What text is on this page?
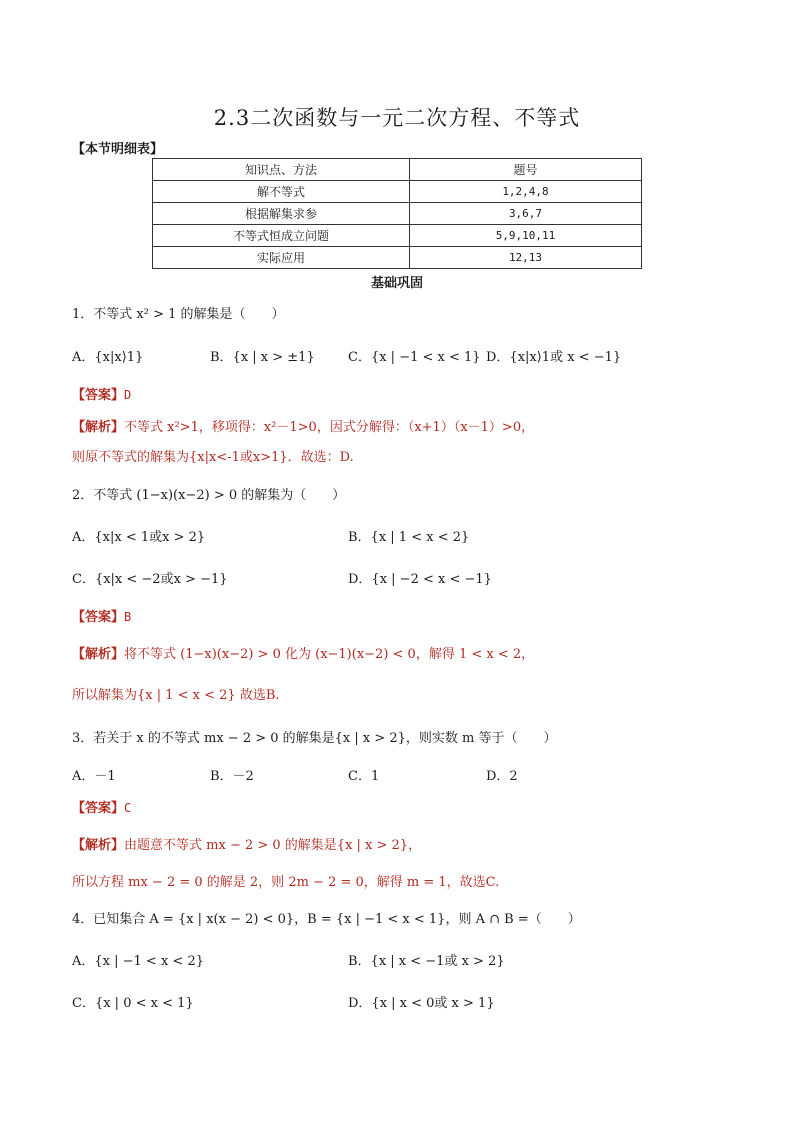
2.3二次函数与一元二次方程、不等式
【本节明细表】
知识点、方法	题号
解不等式	1,2,4,8
根据解集求参	3,6,7
不等式恒成立问题	5,9,10,11
实际应用	12,13
基础巩固
1．不等式 x² > 1 的解集是（　　）
A．{x|x⟩1}	B．{x | x > ±1}	C．{x | −1 < x < 1} D．{x|x⟩1或 x < −1}
【答案】D
【解析】不等式 x²>1，移项得：x²－1>0，因式分解得：（x+1）（x－1）>0，
则原不等式的解集为{x|x<-1或x>1}．故选：D.
2．不等式 (1−x)(x−2) > 0 的解集为（　　）
A．{x|x < 1或x > 2}	B．{x | 1 < x < 2}
C．{x|x < −2或x > −1}	D．{x | −2 < x < −1}
【答案】B
【解析】将不等式 (1−x)(x−2) > 0 化为 (x−1)(x−2) < 0，解得 1 < x < 2，
所以解集为{x | 1 < x < 2} 故选B.
3．若关于 x 的不等式 mx − 2 > 0 的解集是{x | x > 2}，则实数 m 等于（　　）
A．－1	B．－2	C．1	D．2
【答案】C
【解析】由题意不等式 mx − 2 > 0 的解集是{x | x > 2}，
所以方程 mx − 2 = 0 的解是 2，则 2m − 2 = 0，解得 m = 1，故选C.
4．已知集合 A = {x | x(x − 2) < 0}，B = {x | −1 < x < 1}，则 A ∩ B =（　　）
A．{x | −1 < x < 2}	B．{x | x < −1或 x > 2}
C．{x | 0 < x < 1}	D．{x | x < 0或 x > 1}
